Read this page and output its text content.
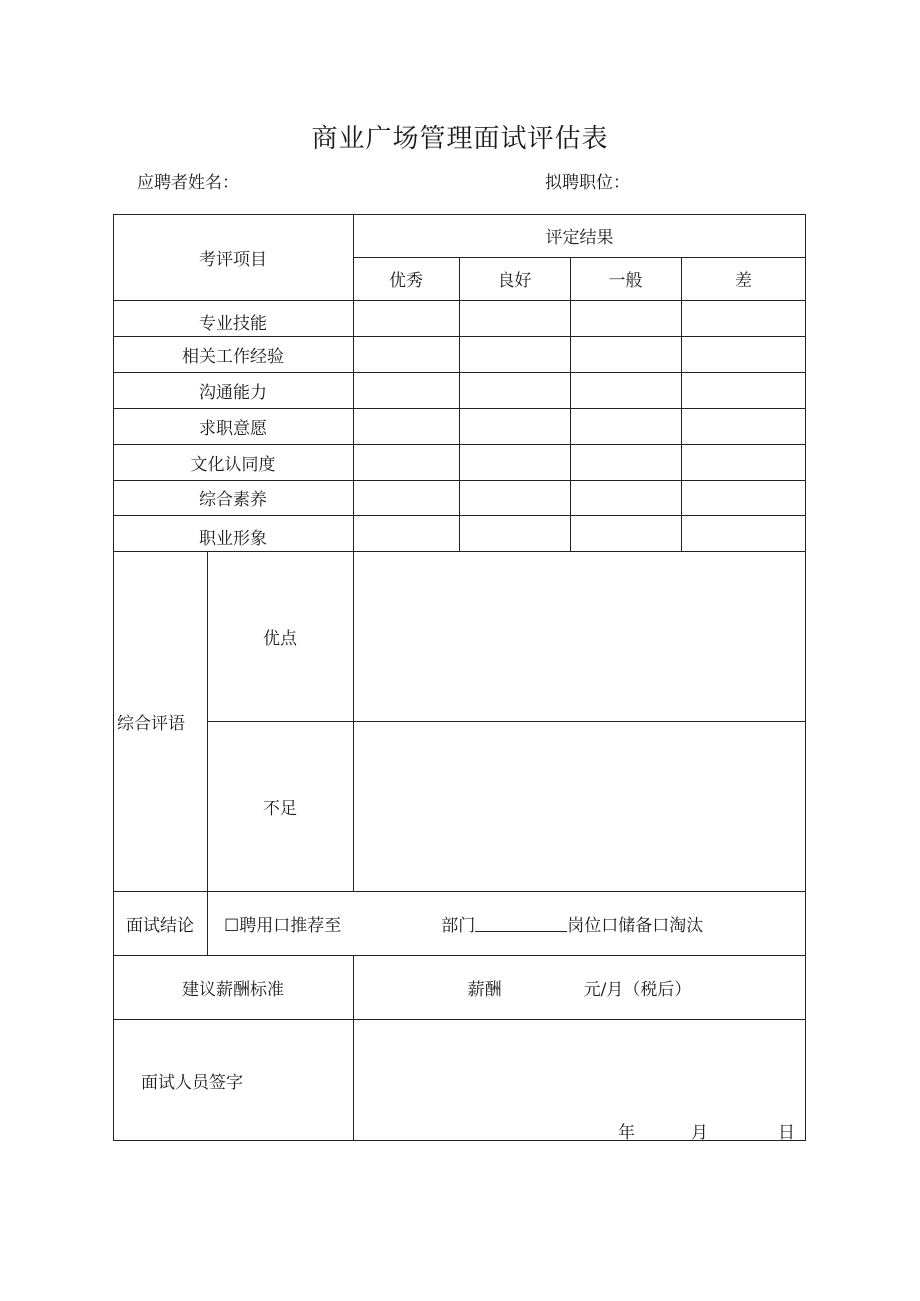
商业广场管理面试评估表
应聘者姓名：	拟聘职位：
考评项目
评定结果
优秀	良好	一般	差
专业技能
相关工作经验
沟通能力
求职意愿
文化认同度
综合素养
职业形象
综合评语
优点
不足
面试结论	☐聘用口推荐至	部门	岗位口储备口淘汰
建议薪酬标准	薪酬	元/月（税后）
面试人员签字
年	月	日
